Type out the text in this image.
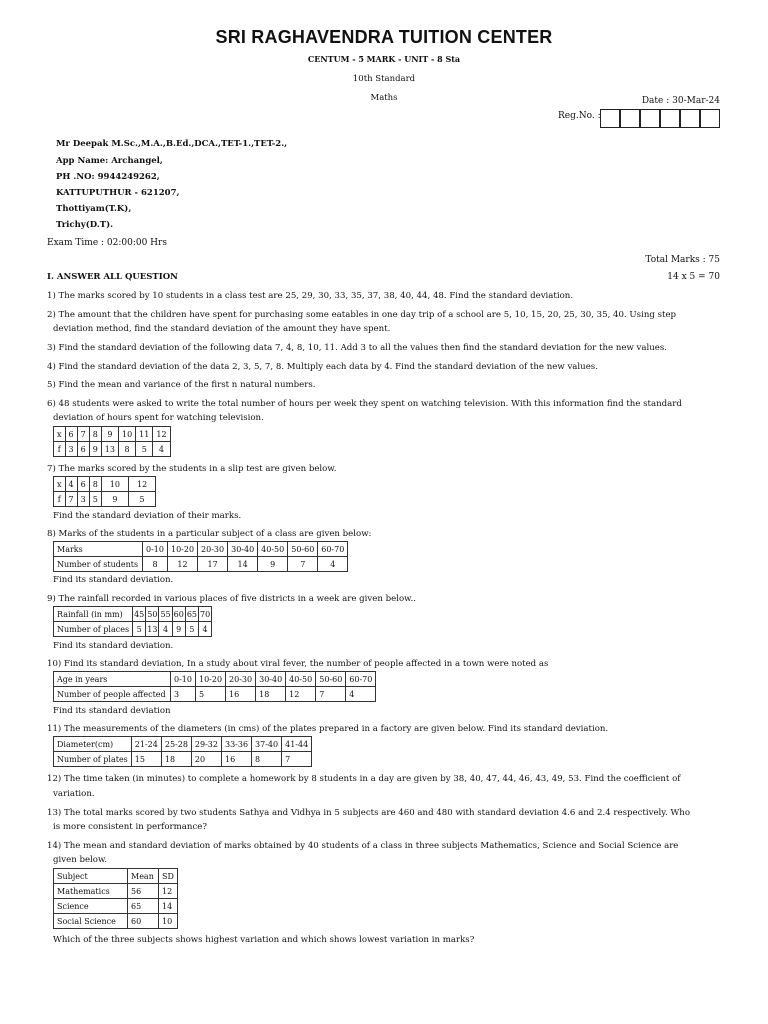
SRI RAGHAVENDRA TUITION CENTER
CENTUM - 5 MARK - UNIT - 8 Sta
10th Standard
Maths	Date : 30-Mar-24
Reg.No. :
Mr Deepak M.Sc.,M.A.,B.Ed.,DCA.,TET-1.,TET-2.,
App Name: Archangel,
PH .NO: 9944249262,
KATTUPUTHUR - 621207,
Thottiyam(T.K),
Trichy(D.T).
Exam Time : 02:00:00 Hrs
Total Marks : 75
I. ANSWER ALL QUESTION	14 x 5 = 70
1) The marks scored by 10 students in a class test are 25, 29, 30, 33, 35, 37, 38, 40, 44, 48. Find the standard deviation.
2) The amount that the children have spent for purchasing some eatables in one day trip of a school are 5, 10, 15, 20, 25, 30, 35, 40. Using step
deviation method, find the standard deviation of the amount they have spent.
3) Find the standard deviation of the following data 7, 4, 8, 10, 11. Add 3 to all the values then find the standard deviation for the new values.
4) Find the standard deviation of the data 2, 3, 5, 7, 8. Multiply each data by 4. Find the standard deviation of the new values.
5) Find the mean and variance of the first n natural numbers.
6) 48 students were asked to write the total number of hours per week they spent on watching television. With this information find the standard
deviation of hours spent for watching television.
x	6	7	8	9	10	11	12
f	3	6	9	13	8	5	4
7) The marks scored by the students in a slip test are given below.
x	4	6	8	10	12
f	7	3	5	9	5
Find the standard deviation of their marks.
8) Marks of the students in a particular subject of a class are given below:
Marks	0-10	10-20	20-30	30-40	40-50	50-60	60-70
Number of students	8	12	17	14	9	7	4
Find its standard deviation.
9) The rainfall recorded in various places of five districts in a week are given below..
Rainfall (in mm)	45	50	55	60	65	70
Number of places	5	13	4	9	5	4
Find its standard deviation.
10) Find its standard deviation, In a study about viral fever, the number of people affected in a town were noted as
Age in years	0-10	10-20	20-30	30-40	40-50	50-60	60-70
Number of people affected	3	5	16	18	12	7	4
Find its standard deviation
11) The measurements of the diameters (in cms) of the plates prepared in a factory are given below. Find its standard deviation.
Diameter(cm)	21-24	25-28	29-32	33-36	37-40	41-44
Number of plates	15	18	20	16	8	7
12) The time taken (in minutes) to complete a homework by 8 students in a day are given by 38, 40, 47, 44, 46, 43, 49, 53. Find the coefficient of
variation.
13) The total marks scored by two students Sathya and Vidhya in 5 subjects are 460 and 480 with standard deviation 4.6 and 2.4 respectively. Who
is more consistent in performance?
14) The mean and standard deviation of marks obtained by 40 students of a class in three subjects Mathematics, Science and Social Science are
given below.
Subject	Mean	SD
Mathematics	56	12
Science	65	14
Social Science	60	10
Which of the three subjects shows highest variation and which shows lowest variation in marks?
